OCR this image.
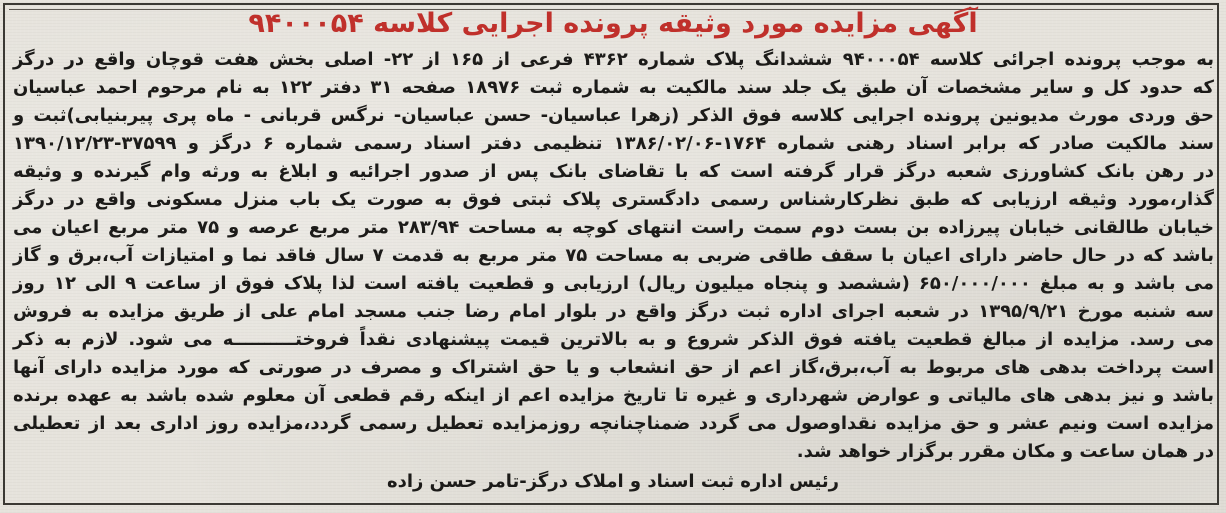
آگهی مزایده مورد وثیقه پرونده اجرایی کلاسه ۹۴۰۰۰۵۴
به موجب پرونده اجرائی کلاسه ۹۴۰۰۰۵۴ ششدانگ پلاک شماره ۴۳۶۲ فرعی از ۱۶۵ از ۲۲- اصلی بخش هفت قوچان واقع در درگز
که حدود کل و سایر مشخصات آن طبق یک جلد سند مالکیت به شماره ثبت ۱۸۹۷۶ صفحه ۳۱ دفتر ۱۲۲ به نام مرحوم احمد عباسیان
حق وردی مورث مدیونین پرونده اجرایی کلاسه فوق الذکر (زهرا عباسیان- حسن عباسیان- نرگس قربانی - ماه پری پیربنیابی)ثبت و
سند مالکیت صادر که برابر اسناد رهنی شماره ۱۷۶۴-۱۳۸۶/۰۲/۰۶ تنظیمی دفتر اسناد رسمی شماره ۶ درگز و ۳۷۵۹۹-۱۳۹۰/۱۲/۲۳
در رهن بانک کشاورزی شعبه درگز قرار گرفته است که با تقاضای بانک پس از صدور اجرائیه و ابلاغ به ورثه وام گیرنده و وثیقه
گذار،مورد وثیقه ارزیابی که طبق نظرکارشناس رسمی دادگستری پلاک ثبتی فوق به صورت یک باب منزل مسکونی واقع در درگز
خیابان طالقانی خیابان پیرزاده بن بست دوم سمت راست انتهای کوچه به مساحت ۲۸۳/۹۴ متر مربع عرصه و ۷۵ متر مربع اعیان می
باشد که در حال حاضر دارای اعیان با سقف طاقی ضربی به مساحت ۷۵ متر مربع به قدمت ۷ سال فاقد نما و امتیازات آب،برق و گاز
می باشد و به مبلغ ۶۵۰/۰۰۰/۰۰۰ (ششصد و پنجاه میلیون ریال) ارزیابی و قطعیت یافته است لذا پلاک فوق از ساعت ۹ الی ۱۲ روز
سه شنبه مورخ ۱۳۹۵/۹/۲۱ در شعبه اجرای اداره ثبت درگز واقع در بلوار امام رضا جنب مسجد امام علی از طریق مزایده به فروش
می رسد. مزایده از مبالغ قطعیت یافته فوق الذکر شروع و به بالاترین قیمت پیشنهادی نقداً فروختــــــــــه می شود. لازم به ذکر
است پرداخت بدهی های مربوط به آب،برق،گاز اعم از حق انشعاب و یا حق اشتراک و مصرف در صورتی که مورد مزایده دارای آنها
باشد و نیز بدهی های مالیاتی و عوارض شهرداری و غیره تا تاریخ مزایده اعم از اینکه رقم قطعی آن معلوم شده باشد به عهده برنده
مزایده است ونیم عشر و حق مزایده نقداوصول می گردد ضمناچنانچه روزمزایده تعطیل رسمی گردد،مزایده روز اداری بعد از تعطیلی
در همان ساعت و مکان مقرر برگزار خواهد شد.
رئیس اداره ثبت اسناد و املاک درگز-تامر حسن زاده
